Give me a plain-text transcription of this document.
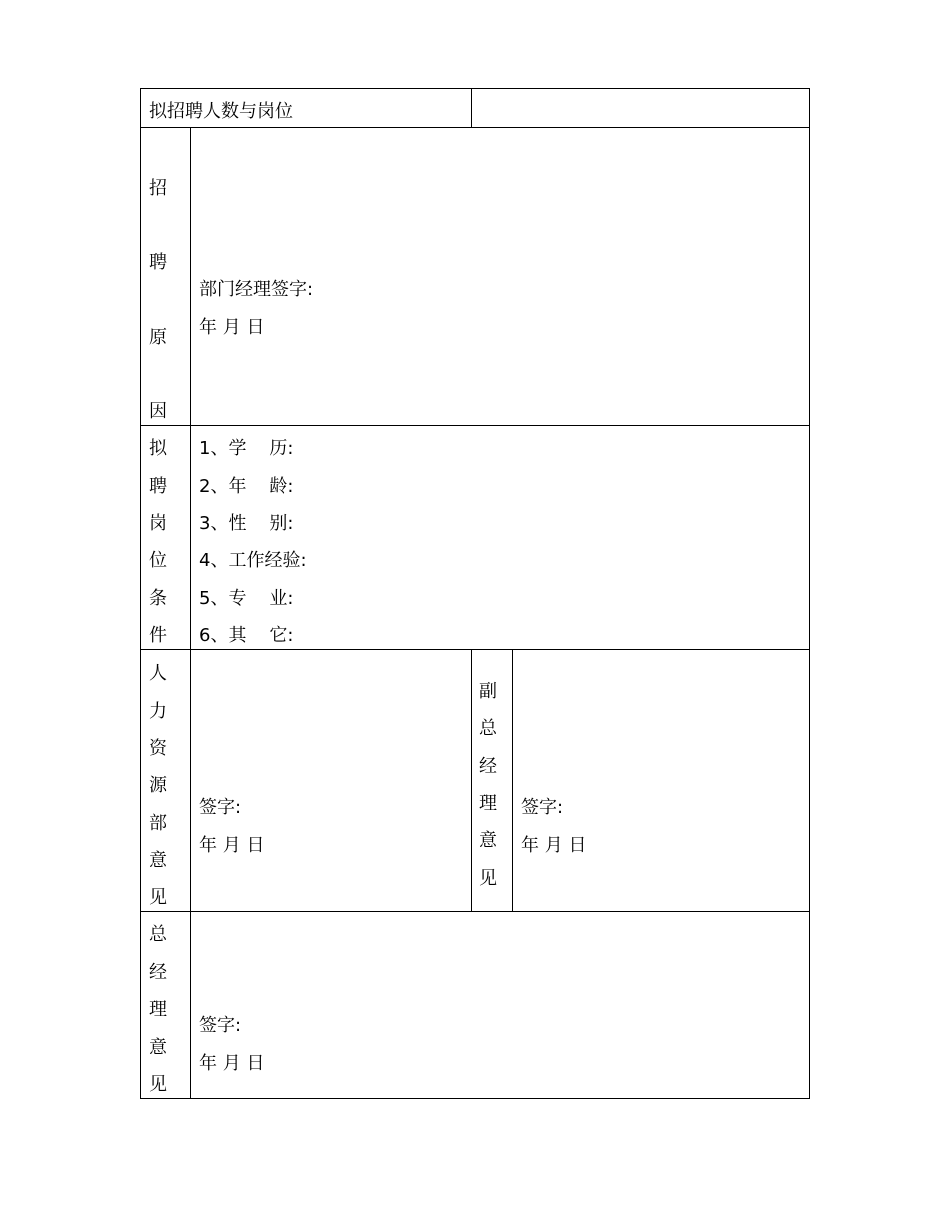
拟招聘人数与岗位
招
聘
原
因
部门经理签字:
年 月 日
拟
聘
岗
位
条
件
1、学    历:
2、年    龄:
3、性    别:
4、工作经验:
5、专    业:
6、其    它:
人
力
资
源
部
意
见
签字:
年 月 日
副
总
经
理
意
见
签字:
年 月 日
总
经
理
意
见
签字:
年 月 日
